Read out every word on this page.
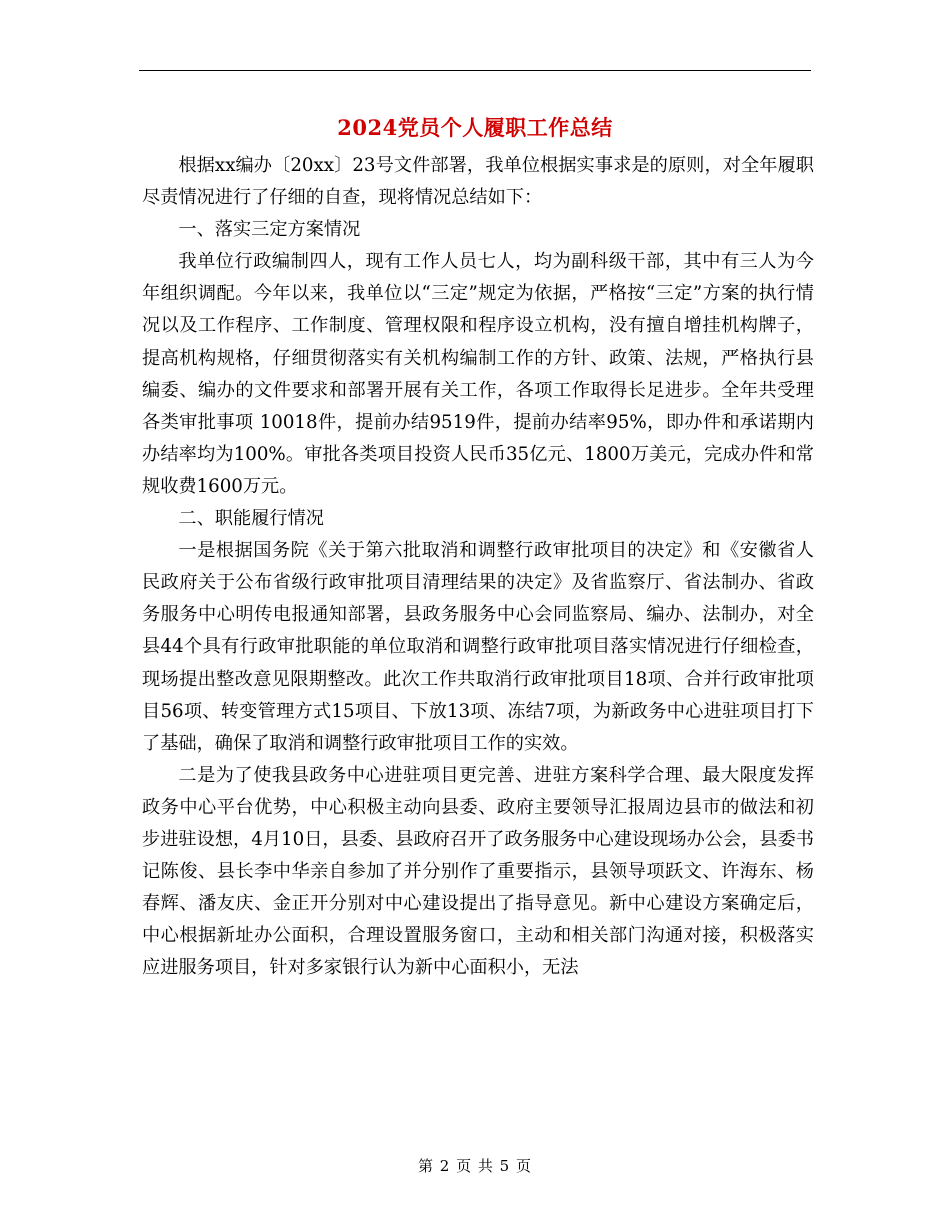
2024党员个人履职工作总结

根据xx编办〔20xx〕23号文件部署，我单位根据实事求是的原则，对全年履职尽责情况进行了仔细的自查，现将情况总结如下：

一、落实三定方案情况

我单位行政编制四人，现有工作人员七人，均为副科级干部，其中有三人为今年组织调配。今年以来，我单位以“三定”规定为依据，严格按“三定”方案的执行情况以及工作程序、工作制度、管理权限和程序设立机构，没有擅自增挂机构牌子，提高机构规格，仔细贯彻落实有关机构编制工作的方针、政策、法规，严格执行县编委、编办的文件要求和部署开展有关工作，各项工作取得长足进步。全年共受理各类审批事项 10018件，提前办结9519件，提前办结率95%，即办件和承诺期内办结率均为100%。审批各类项目投资人民币35亿元、1800万美元，完成办件和常规收费1600万元。

二、职能履行情况

一是根据国务院《关于第六批取消和调整行政审批项目的决定》和《安徽省人民政府关于公布省级行政审批项目清理结果的决定》及省监察厅、省法制办、省政务服务中心明传电报通知部署，县政务服务中心会同监察局、编办、法制办，对全县44个具有行政审批职能的单位取消和调整行政审批项目落实情况进行仔细检查，现场提出整改意见限期整改。此次工作共取消行政审批项目18项、合并行政审批项目56项、转变管理方式15项目、下放13项、冻结7项，为新政务中心进驻项目打下了基础，确保了取消和调整行政审批项目工作的实效。

二是为了使我县政务中心进驻项目更完善、进驻方案科学合理、最大限度发挥政务中心平台优势，中心积极主动向县委、政府主要领导汇报周边县市的做法和初步进驻设想，4月10日，县委、县政府召开了政务服务中心建设现场办公会，县委书记陈俊、县长李中华亲自参加了并分别作了重要指示，县领导项跃文、许海东、杨春辉、潘友庆、金正开分别对中心建设提出了指导意见。新中心建设方案确定后，中心根据新址办公面积，合理设置服务窗口，主动和相关部门沟通对接，积极落实应进服务项目，针对多家银行认为新中心面积小，无法

第 2 页 共 5 页
